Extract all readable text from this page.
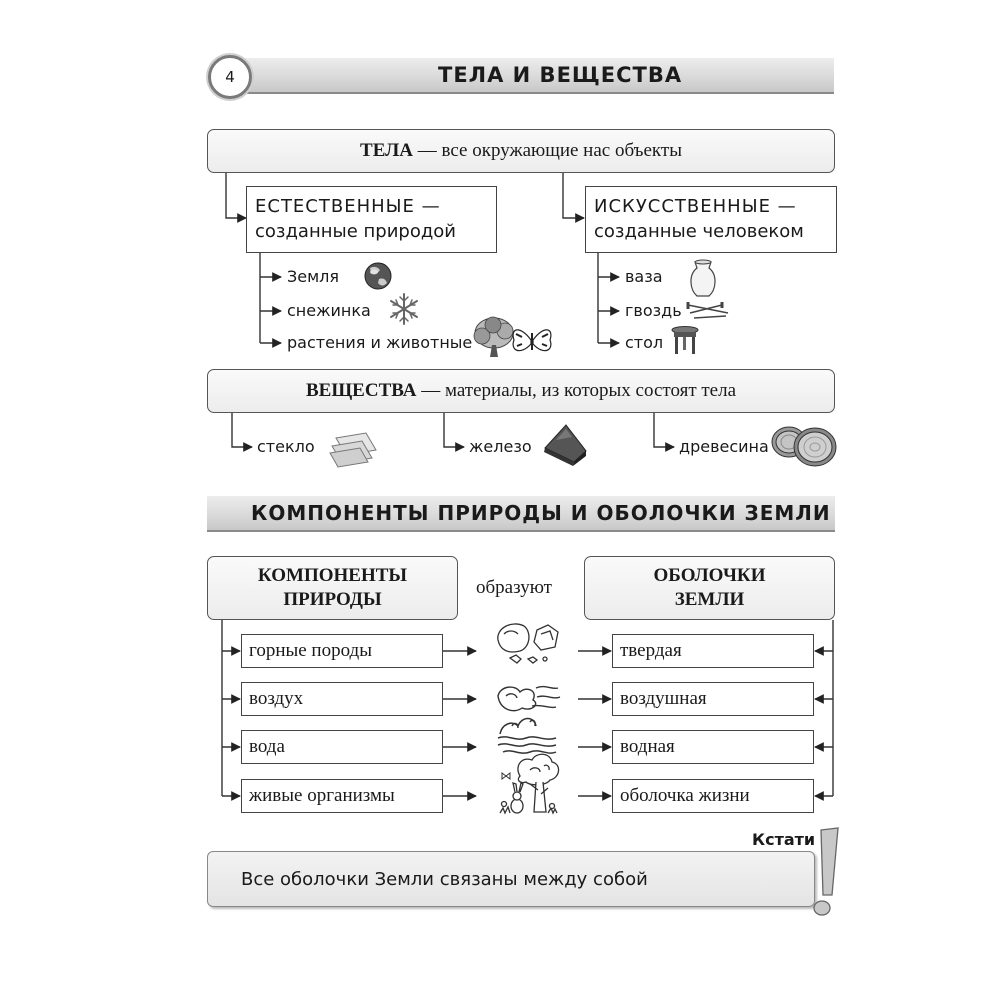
4	ТЕЛА И ВЕЩЕСТВА
ТЕЛА — все окружающие нас объекты
ЕСТЕСТВЕННЫЕ —
созданные природой
ИСКУССТВЕННЫЕ —
созданные человеком
Земля
снежинка
растения и животные
ваза
гвоздь
стол
ВЕЩЕСТВА — материалы, из которых состоят тела
стекло	железо	древесина
КОМПОНЕНТЫ ПРИРОДЫ И ОБОЛОЧКИ ЗЕМЛИ
КОМПОНЕНТЫ
ПРИРОДЫ
образуют
ОБОЛОЧКИ
ЗЕМЛИ
горные породы
воздух
вода
живые организмы
твердая
воздушная
водная
оболочка жизни
Кстати
Все оболочки Земли связаны между собой
